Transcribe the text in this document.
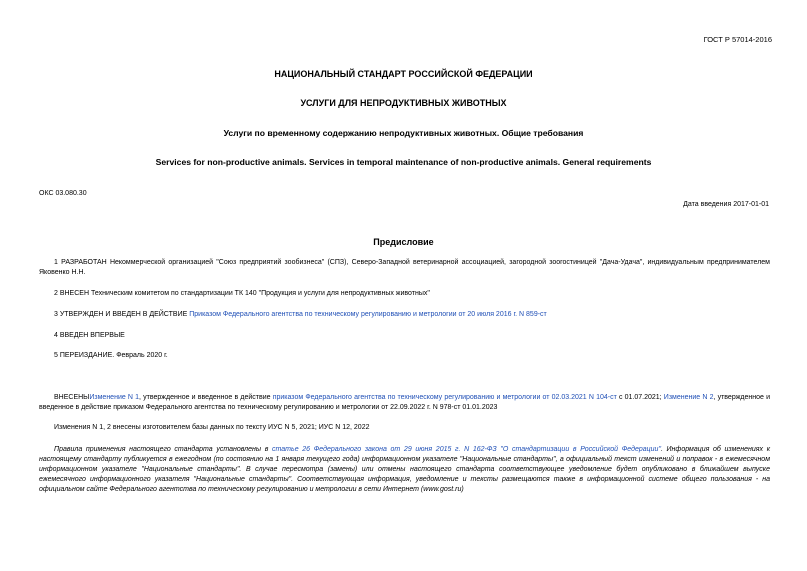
ГОСТ Р 57014-2016
НАЦИОНАЛЬНЫЙ СТАНДАРТ РОССИЙСКОЙ ФЕДЕРАЦИИ
УСЛУГИ ДЛЯ НЕПРОДУКТИВНЫХ ЖИВОТНЫХ
Услуги по временному содержанию непродуктивных животных. Общие требования
Services for non-productive animals. Services in temporal maintenance of non-productive animals. General requirements
ОКС 03.080.30
Дата введения 2017-01-01
Предисловие
1 РАЗРАБОТАН Некоммерческой организацией "Союз предприятий зообизнеса" (СПЗ), Северо-Западной ветеринарной ассоциацией, загородной зоогостиницей "Дача-Удача", индивидуальным предпринимателем Яковенко Н.Н.
2 ВНЕСЕН Техническим комитетом по стандартизации ТК 140 "Продукция и услуги для непродуктивных животных"
3 УТВЕРЖДЕН И ВВЕДЕН В ДЕЙСТВИЕ Приказом Федерального агентства по техническому регулированию и метрологии от 20 июля 2016 г. N 859-ст
4 ВВЕДЕН ВПЕРВЫЕ
5 ПЕРЕИЗДАНИЕ. Февраль 2020 г.
ВНЕСЕНЫИзменение N 1, утвержденное и введенное в действие приказом Федерального агентства по техническому регулированию и метрологии от 02.03.2021 N 104-ст с 01.07.2021; Изменение N 2, утвержденное и введенное в действие приказом Федерального агентства по техническому регулированию и метрологии от 22.09.2022 г. N 978-ст 01.01.2023
Изменения N 1, 2 внесены изготовителем базы данных по тексту ИУС N 5, 2021; ИУС N 12, 2022
Правила применения настоящего стандарта установлены в статье 26 Федерального закона от 29 июня 2015 г. N 162-ФЗ "О стандартизации в Российской Федерации". Информация об изменениях к настоящему стандарту публикуется в ежегодном (по состоянию на 1 января текущего года) информационном указателе "Национальные стандарты", а официальный текст изменений и поправок - в ежемесячном информационном указателе "Национальные стандарты". В случае пересмотра (замены) или отмены настоящего стандарта соответствующее уведомление будет опубликовано в ближайшем выпуске ежемесячного информационного указателя "Национальные стандарты". Соответствующая информация, уведомление и тексты размещаются также в информационной системе общего пользования - на официальном сайте Федерального агентства по техническому регулированию и метрологии в сети Интернет (www.gost.ru)
